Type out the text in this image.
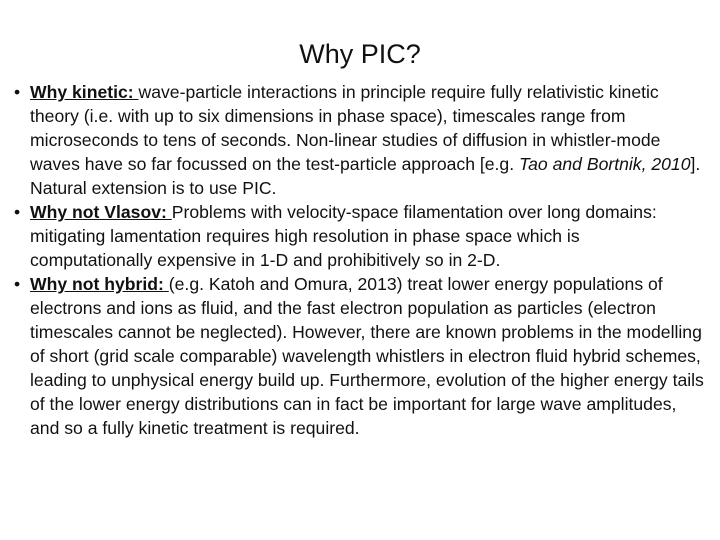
Why PIC?
• Why kinetic: wave-particle interactions in principle require fully relativistic kinetic theory (i.e. with up to six dimensions in phase space), timescales range from microseconds to tens of seconds. Non-linear studies of diffusion in whistler-mode waves have so far focussed on the test-particle approach [e.g. Tao and Bortnik, 2010]. Natural extension is to use PIC.
• Why not Vlasov: Problems with velocity-space filamentation over long domains: mitigating lamentation requires high resolution in phase space which is computationally expensive in 1-D and prohibitively so in 2-D.
• Why not hybrid: (e.g. Katoh and Omura, 2013) treat lower energy populations of electrons and ions as fluid, and the fast electron population as particles (electron timescales cannot be neglected). However, there are known problems in the modelling of short (grid scale comparable) wavelength whistlers in electron fluid hybrid schemes, leading to unphysical energy build up. Furthermore, evolution of the higher energy tails of the lower energy distributions can in fact be important for large wave amplitudes, and so a fully kinetic treatment is required.
